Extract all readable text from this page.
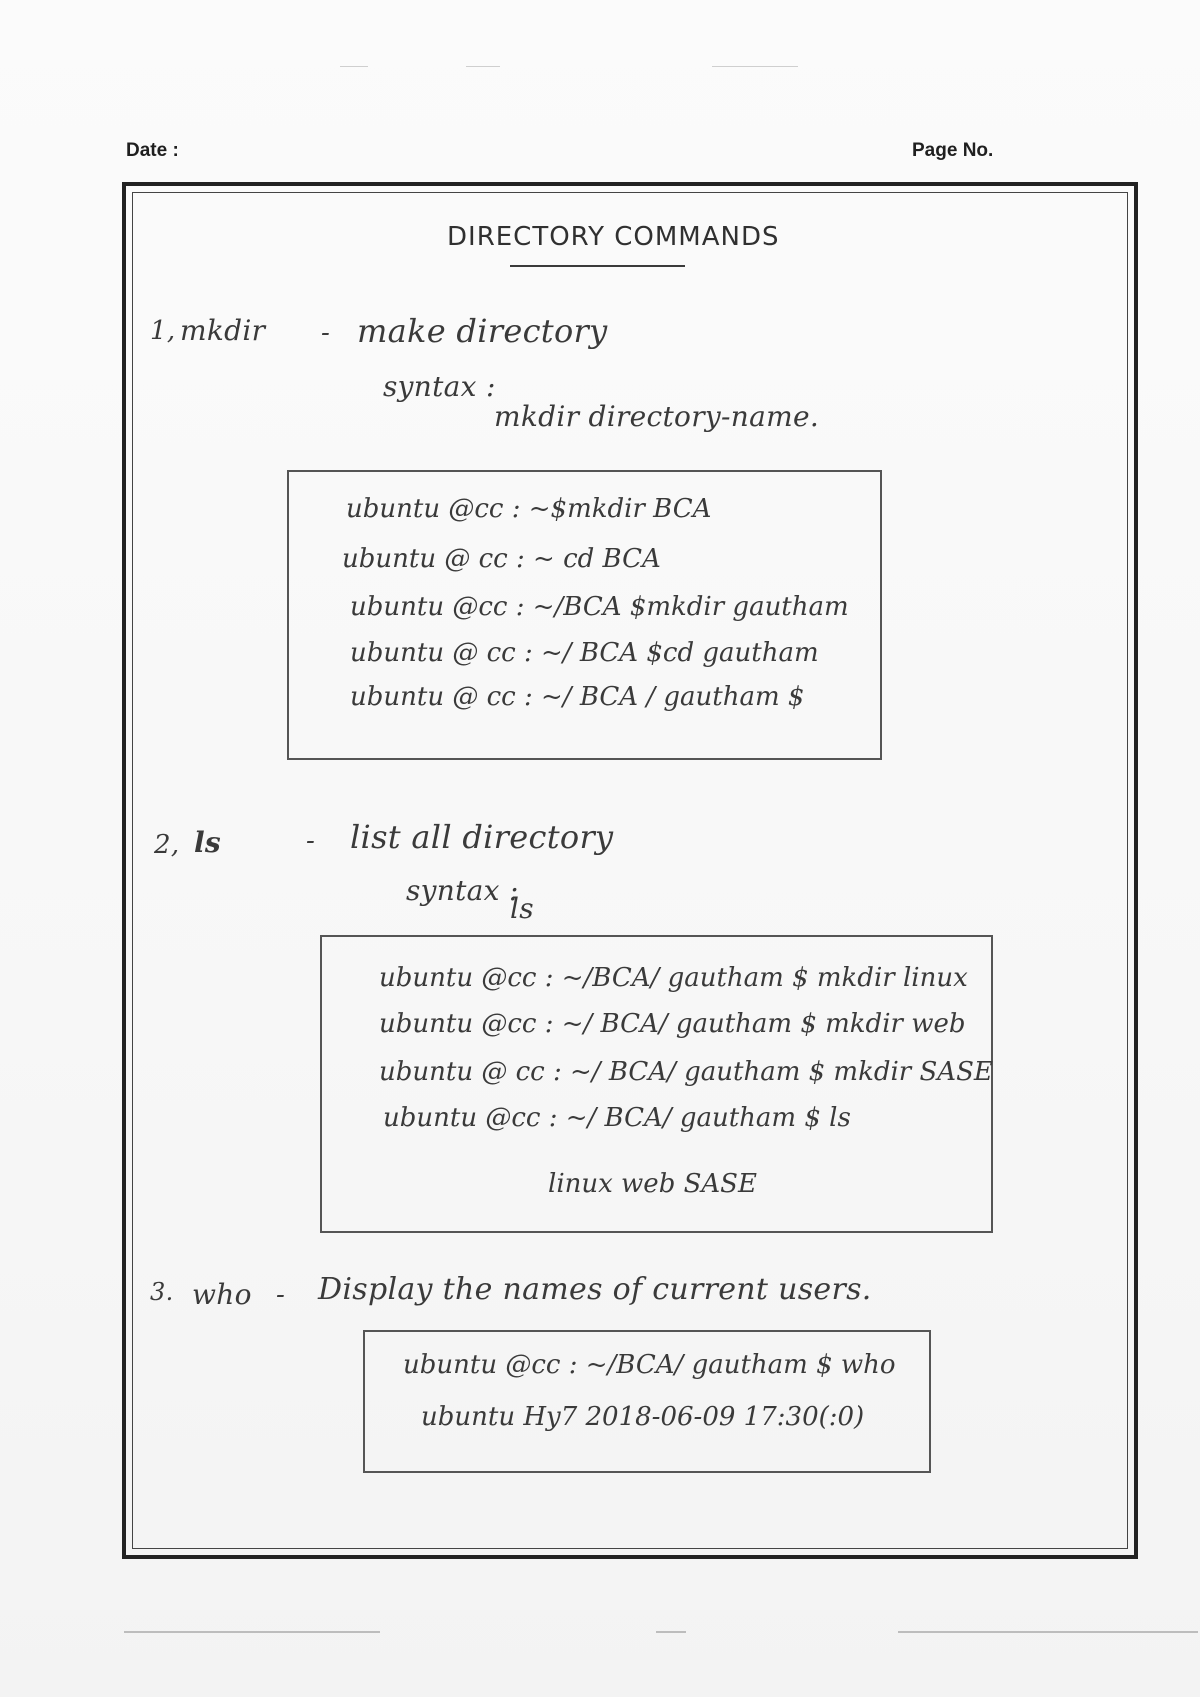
Date :	Page No.
DIRECTORY COMMANDS
1, mkdir - make directory
syntax :
mkdir directory-name.
ubuntu @cc : ~$mkdir BCA
ubuntu @ cc : ~ cd BCA
ubuntu @cc : ~/BCA $mkdir gautham
ubuntu @ cc : ~/ BCA $cd gautham
ubuntu @ cc : ~/ BCA / gautham $
2, ls	- list all directory
syntax :
ls
ubuntu @cc : ~/BCA/ gautham $ mkdir linux
ubuntu @cc : ~/ BCA/ gautham $ mkdir web
ubuntu @ cc : ~/ BCA/ gautham $ mkdir SASE
ubuntu @cc : ~/ BCA/ gautham $ ls
linux web SASE
3. who - Display the names of current users.
ubuntu @cc : ~/BCA/ gautham $ who
ubuntu Hy7 2018-06-09 17:30(:0)
